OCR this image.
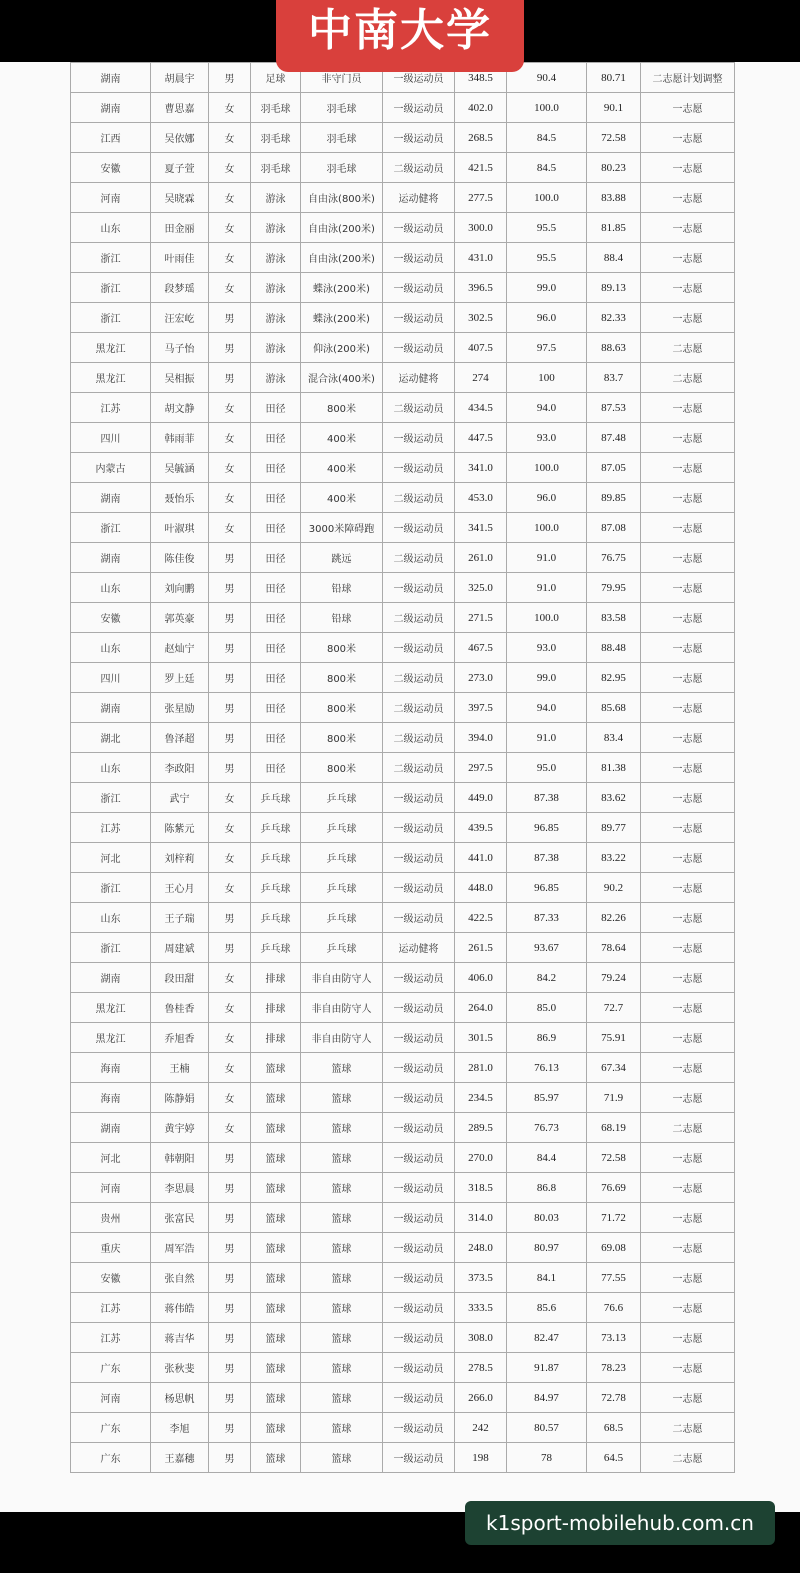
中南大学
湖南	胡晨宇	男	足球	非守门员	一级运动员	348.5	90.4	80.71	二志愿计划调整
湖南	曹思嘉	女	羽毛球	羽毛球	一级运动员	402.0	100.0	90.1	一志愿
江西	吴依娜	女	羽毛球	羽毛球	一级运动员	268.5	84.5	72.58	一志愿
安徽	夏子萱	女	羽毛球	羽毛球	二级运动员	421.5	84.5	80.23	一志愿
河南	吴晓霖	女	游泳	自由泳(800米)	运动健将	277.5	100.0	83.88	一志愿
山东	田金丽	女	游泳	自由泳(200米)	一级运动员	300.0	95.5	81.85	一志愿
浙江	叶雨佳	女	游泳	自由泳(200米)	一级运动员	431.0	95.5	88.4	一志愿
浙江	段梦瑶	女	游泳	蝶泳(200米)	一级运动员	396.5	99.0	89.13	一志愿
浙江	汪宏屹	男	游泳	蝶泳(200米)	一级运动员	302.5	96.0	82.33	一志愿
黑龙江	马子怡	男	游泳	仰泳(200米)	一级运动员	407.5	97.5	88.63	二志愿
黑龙江	吴相振	男	游泳	混合泳(400米)	运动健将	274	100	83.7	二志愿
江苏	胡文静	女	田径	800米	二级运动员	434.5	94.0	87.53	一志愿
四川	韩雨菲	女	田径	400米	一级运动员	447.5	93.0	87.48	一志愿
内蒙古	吴毓涵	女	田径	400米	一级运动员	341.0	100.0	87.05	一志愿
湖南	聂怡乐	女	田径	400米	二级运动员	453.0	96.0	89.85	一志愿
浙江	叶淑琪	女	田径	3000米障碍跑	一级运动员	341.5	100.0	87.08	一志愿
湖南	陈佳俊	男	田径	跳远	二级运动员	261.0	91.0	76.75	一志愿
山东	刘向鹏	男	田径	铅球	一级运动员	325.0	91.0	79.95	一志愿
安徽	郭英豪	男	田径	铅球	二级运动员	271.5	100.0	83.58	一志愿
山东	赵灿宁	男	田径	800米	一级运动员	467.5	93.0	88.48	一志愿
四川	罗上廷	男	田径	800米	二级运动员	273.0	99.0	82.95	一志愿
湖南	张星励	男	田径	800米	二级运动员	397.5	94.0	85.68	一志愿
湖北	鲁泽超	男	田径	800米	二级运动员	394.0	91.0	83.4	一志愿
山东	李政阳	男	田径	800米	二级运动员	297.5	95.0	81.38	一志愿
浙江	武宁	女	乒乓球	乒乓球	一级运动员	449.0	87.38	83.62	一志愿
江苏	陈紫元	女	乒乓球	乒乓球	一级运动员	439.5	96.85	89.77	一志愿
河北	刘梓莉	女	乒乓球	乒乓球	一级运动员	441.0	87.38	83.22	一志愿
浙江	王心月	女	乒乓球	乒乓球	一级运动员	448.0	96.85	90.2	一志愿
山东	王子瑞	男	乒乓球	乒乓球	一级运动员	422.5	87.33	82.26	一志愿
浙江	周建斌	男	乒乓球	乒乓球	运动健将	261.5	93.67	78.64	一志愿
湖南	段田甜	女	排球	非自由防守人	一级运动员	406.0	84.2	79.24	一志愿
黑龙江	鲁桂香	女	排球	非自由防守人	一级运动员	264.0	85.0	72.7	一志愿
黑龙江	乔旭香	女	排球	非自由防守人	一级运动员	301.5	86.9	75.91	一志愿
海南	王楠	女	篮球	篮球	一级运动员	281.0	76.13	67.34	一志愿
海南	陈静娟	女	篮球	篮球	一级运动员	234.5	85.97	71.9	一志愿
湖南	黄宇婷	女	篮球	篮球	一级运动员	289.5	76.73	68.19	二志愿
河北	韩朝阳	男	篮球	篮球	一级运动员	270.0	84.4	72.58	一志愿
河南	李思晨	男	篮球	篮球	一级运动员	318.5	86.8	76.69	一志愿
贵州	张富民	男	篮球	篮球	一级运动员	314.0	80.03	71.72	一志愿
重庆	周军浩	男	篮球	篮球	一级运动员	248.0	80.97	69.08	一志愿
安徽	张自然	男	篮球	篮球	一级运动员	373.5	84.1	77.55	一志愿
江苏	蒋伟皓	男	篮球	篮球	一级运动员	333.5	85.6	76.6	一志愿
江苏	蒋吉华	男	篮球	篮球	一级运动员	308.0	82.47	73.13	一志愿
广东	张秋斐	男	篮球	篮球	一级运动员	278.5	91.87	78.23	一志愿
河南	杨思帆	男	篮球	篮球	一级运动员	266.0	84.97	72.78	一志愿
广东	李旭	男	篮球	篮球	一级运动员	242	80.57	68.5	二志愿
广东	王嘉穗	男	篮球	篮球	一级运动员	198	78	64.5	二志愿
k1sport-mobilehub.com.cn
